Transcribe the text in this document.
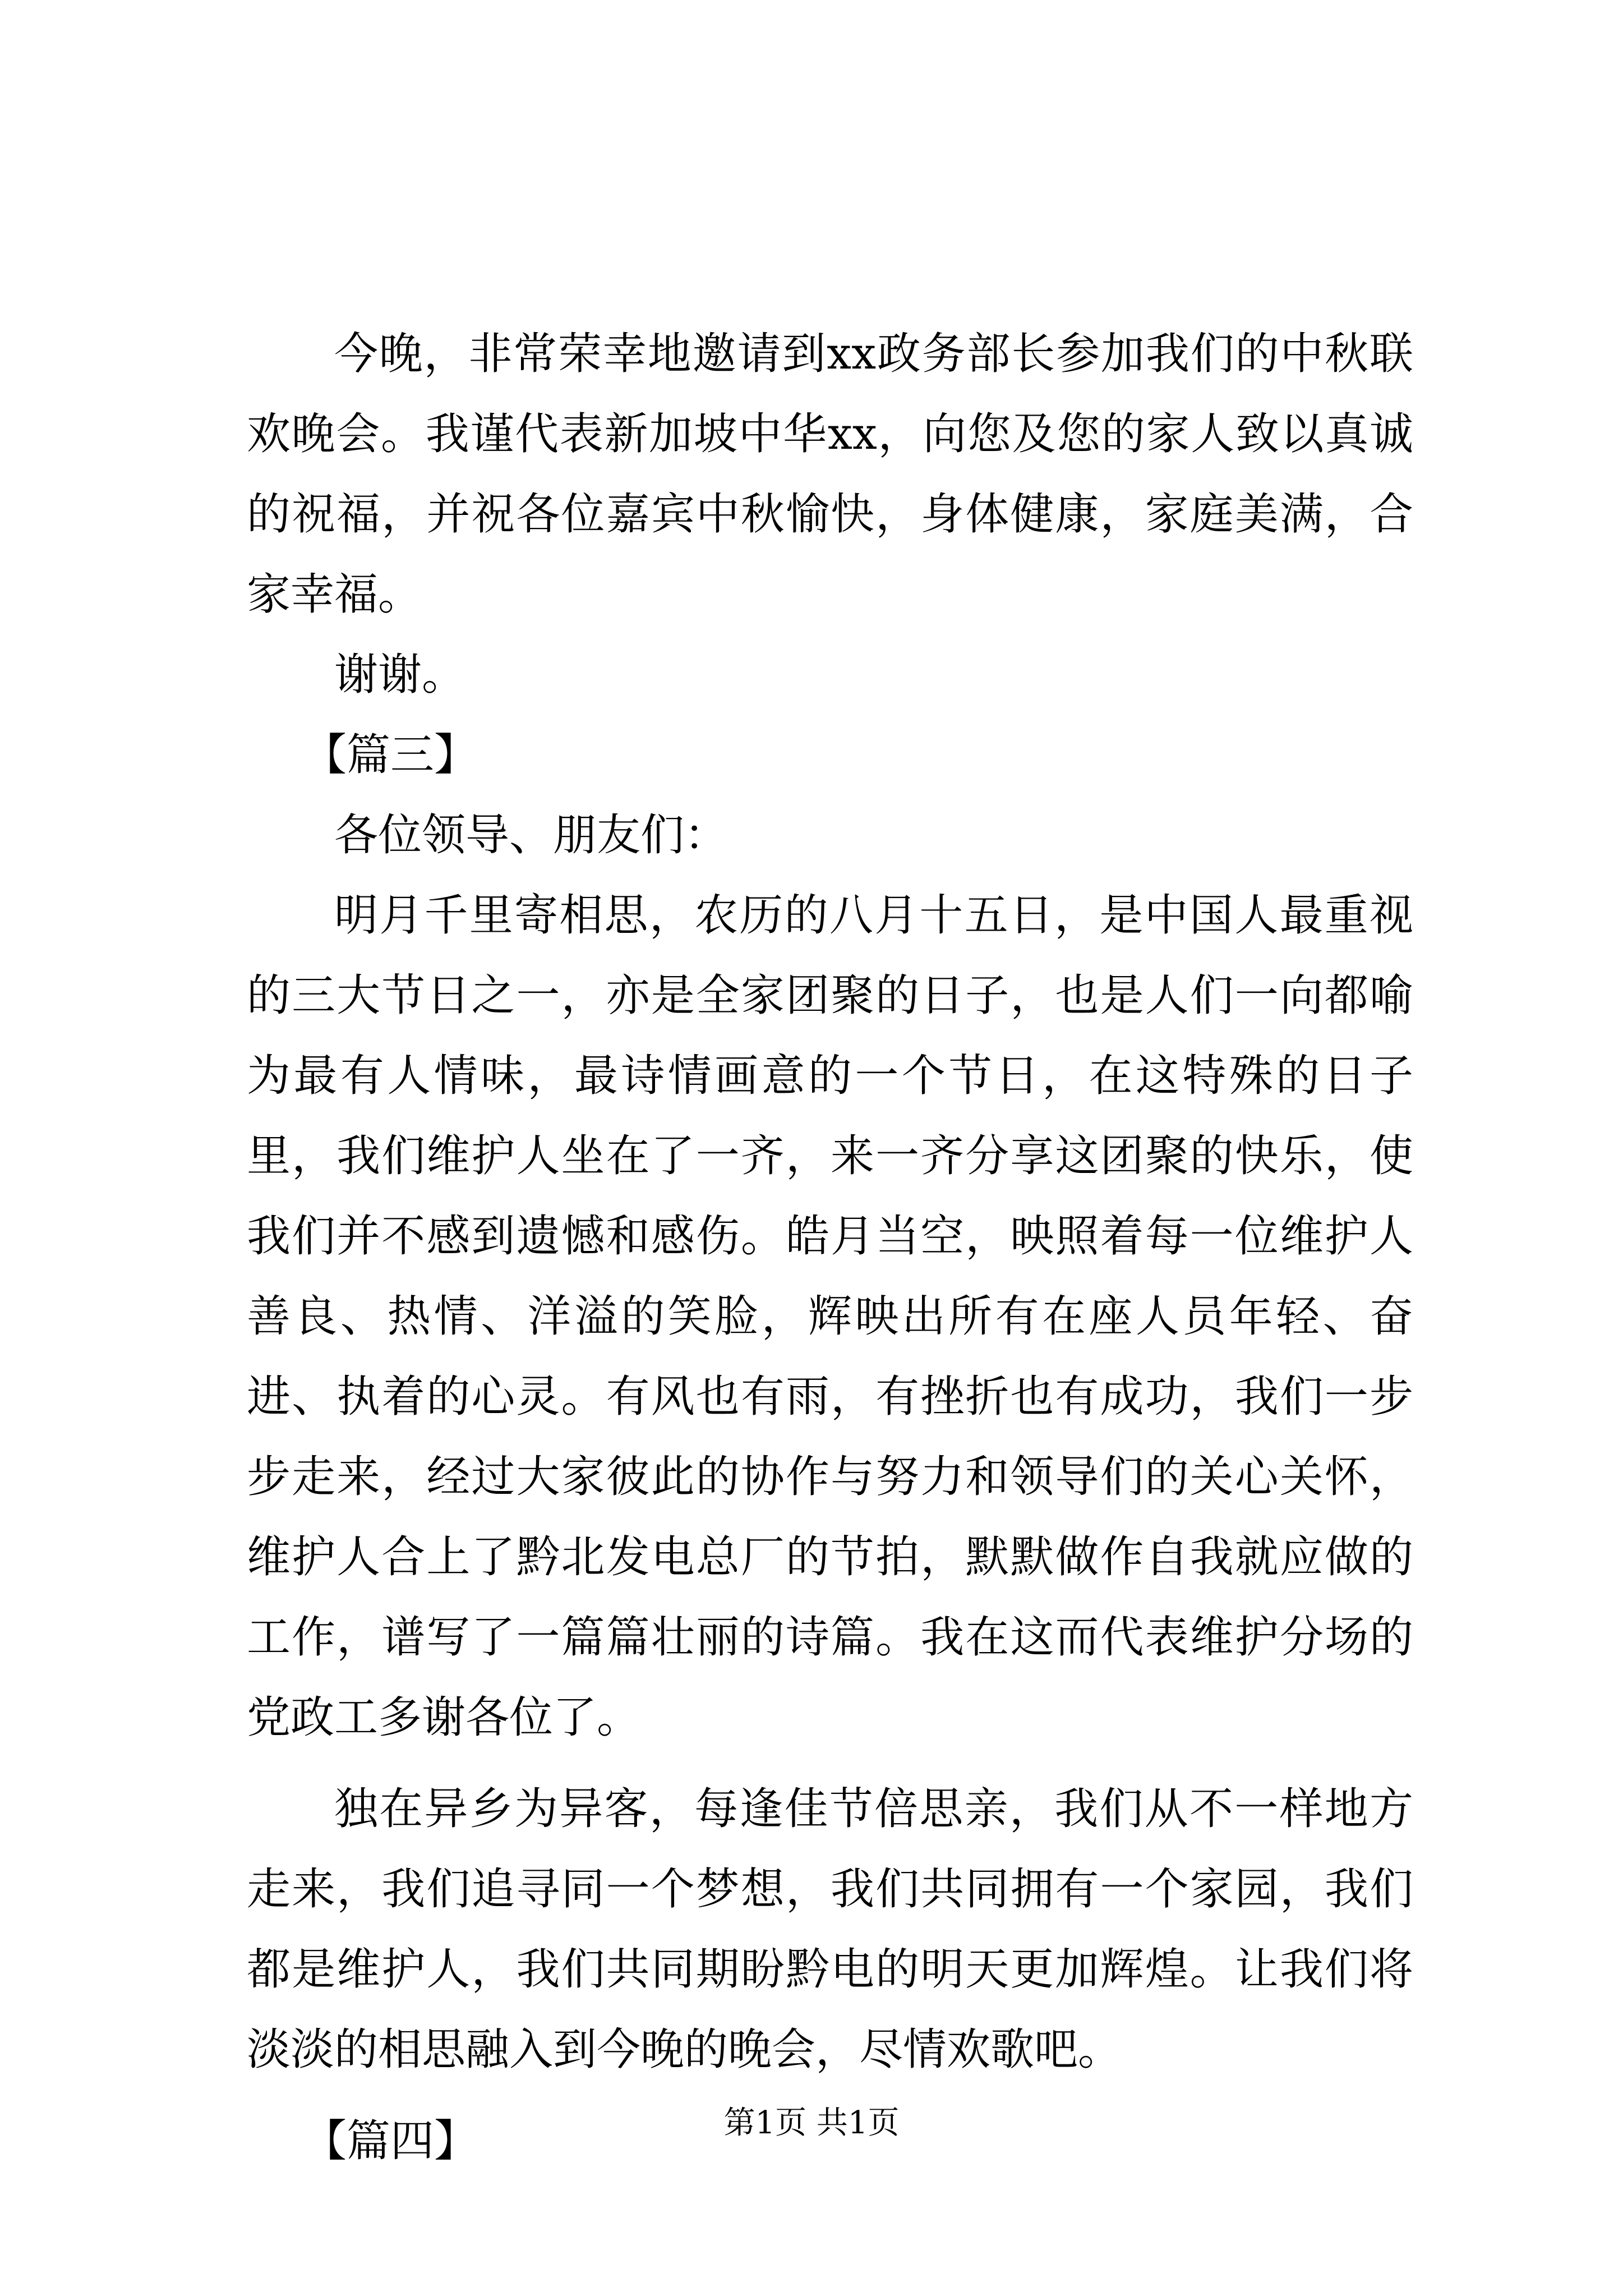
今晚，非常荣幸地邀请到xx政务部长参加我们的中秋联欢晚会。我谨代表新加坡中华xx，向您及您的家人致以真诚的祝福，并祝各位嘉宾中秋愉快，身体健康，家庭美满，合家幸福。

谢谢。

【篇三】

各位领导、朋友们：

明月千里寄相思，农历的八月十五日，是中国人最重视的三大节日之一，亦是全家团聚的日子，也是人们一向都喻为最有人情味，最诗情画意的一个节日，在这特殊的日子里，我们维护人坐在了一齐，来一齐分享这团聚的快乐，使我们并不感到遗憾和感伤。皓月当空，映照着每一位维护人善良、热情、洋溢的笑脸，辉映出所有在座人员年轻、奋进、执着的心灵。有风也有雨，有挫折也有成功，我们一步步走来，经过大家彼此的协作与努力和领导们的关心关怀，维护人合上了黔北发电总厂的节拍，默默做作自我就应做的工作，谱写了一篇篇壮丽的诗篇。我在这而代表维护分场的党政工多谢各位了。

独在异乡为异客，每逢佳节倍思亲，我们从不一样地方走来，我们追寻同一个梦想，我们共同拥有一个家园，我们都是维护人，我们共同期盼黔电的明天更加辉煌。让我们将淡淡的相思融入到今晚的晚会，尽情欢歌吧。

【篇四】	第1页 共1页
